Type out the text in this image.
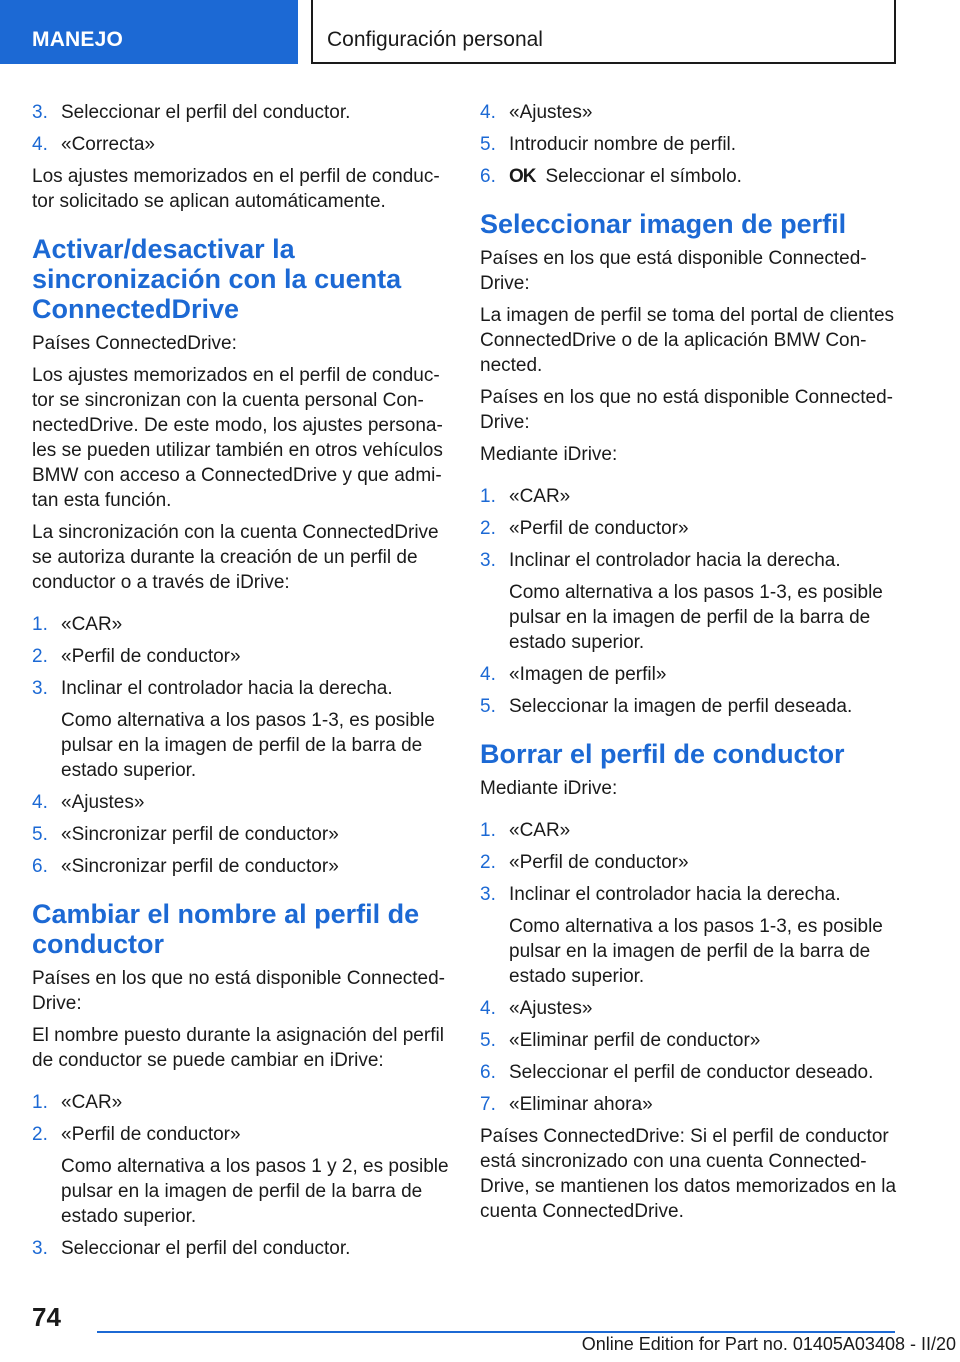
MANEJO	Configuración personal
3. Seleccionar el perfil del conductor.
4. «Correcta»
Los ajustes memorizados en el perfil de conduc-tor solicitado se aplican automáticamente.
Activar/desactivar la sincronización con la cuenta ConnectedDrive
Países ConnectedDrive:
Los ajustes memorizados en el perfil de conduc-tor se sincronizan con la cuenta personal Con-nectedDrive. De este modo, los ajustes persona-les se pueden utilizar también en otros vehículos BMW con acceso a ConnectedDrive y que admi-tan esta función.
La sincronización con la cuenta ConnectedDrive se autoriza durante la creación de un perfil de conductor o a través de iDrive:
1. «CAR»
2. «Perfil de conductor»
3. Inclinar el controlador hacia la derecha.
Como alternativa a los pasos 1-3, es posible pulsar en la imagen de perfil de la barra de estado superior.
4. «Ajustes»
5. «Sincronizar perfil de conductor»
6. «Sincronizar perfil de conductor»
Cambiar el nombre al perfil de conductor
Países en los que no está disponible Connected-Drive:
El nombre puesto durante la asignación del perfil de conductor se puede cambiar en iDrive:
1. «CAR»
2. «Perfil de conductor»
Como alternativa a los pasos 1 y 2, es posible pulsar en la imagen de perfil de la barra de estado superior.
3. Seleccionar el perfil del conductor.
4. «Ajustes»
5. Introducir nombre de perfil.
6. OK Seleccionar el símbolo.
Seleccionar imagen de perfil
Países en los que está disponible Connected-Drive:
La imagen de perfil se toma del portal de clientes ConnectedDrive o de la aplicación BMW Con-nected.
Países en los que no está disponible Connected-Drive:
Mediante iDrive:
1. «CAR»
2. «Perfil de conductor»
3. Inclinar el controlador hacia la derecha.
Como alternativa a los pasos 1-3, es posible pulsar en la imagen de perfil de la barra de estado superior.
4. «Imagen de perfil»
5. Seleccionar la imagen de perfil deseada.
Borrar el perfil de conductor
Mediante iDrive:
1. «CAR»
2. «Perfil de conductor»
3. Inclinar el controlador hacia la derecha.
Como alternativa a los pasos 1-3, es posible pulsar en la imagen de perfil de la barra de estado superior.
4. «Ajustes»
5. «Eliminar perfil de conductor»
6. Seleccionar el perfil de conductor deseado.
7. «Eliminar ahora»
Países ConnectedDrive: Si el perfil de conductor está sincronizado con una cuenta Connected-Drive, se mantienen los datos memorizados en la cuenta ConnectedDrive.
74
Online Edition for Part no. 01405A03408 - II/20
